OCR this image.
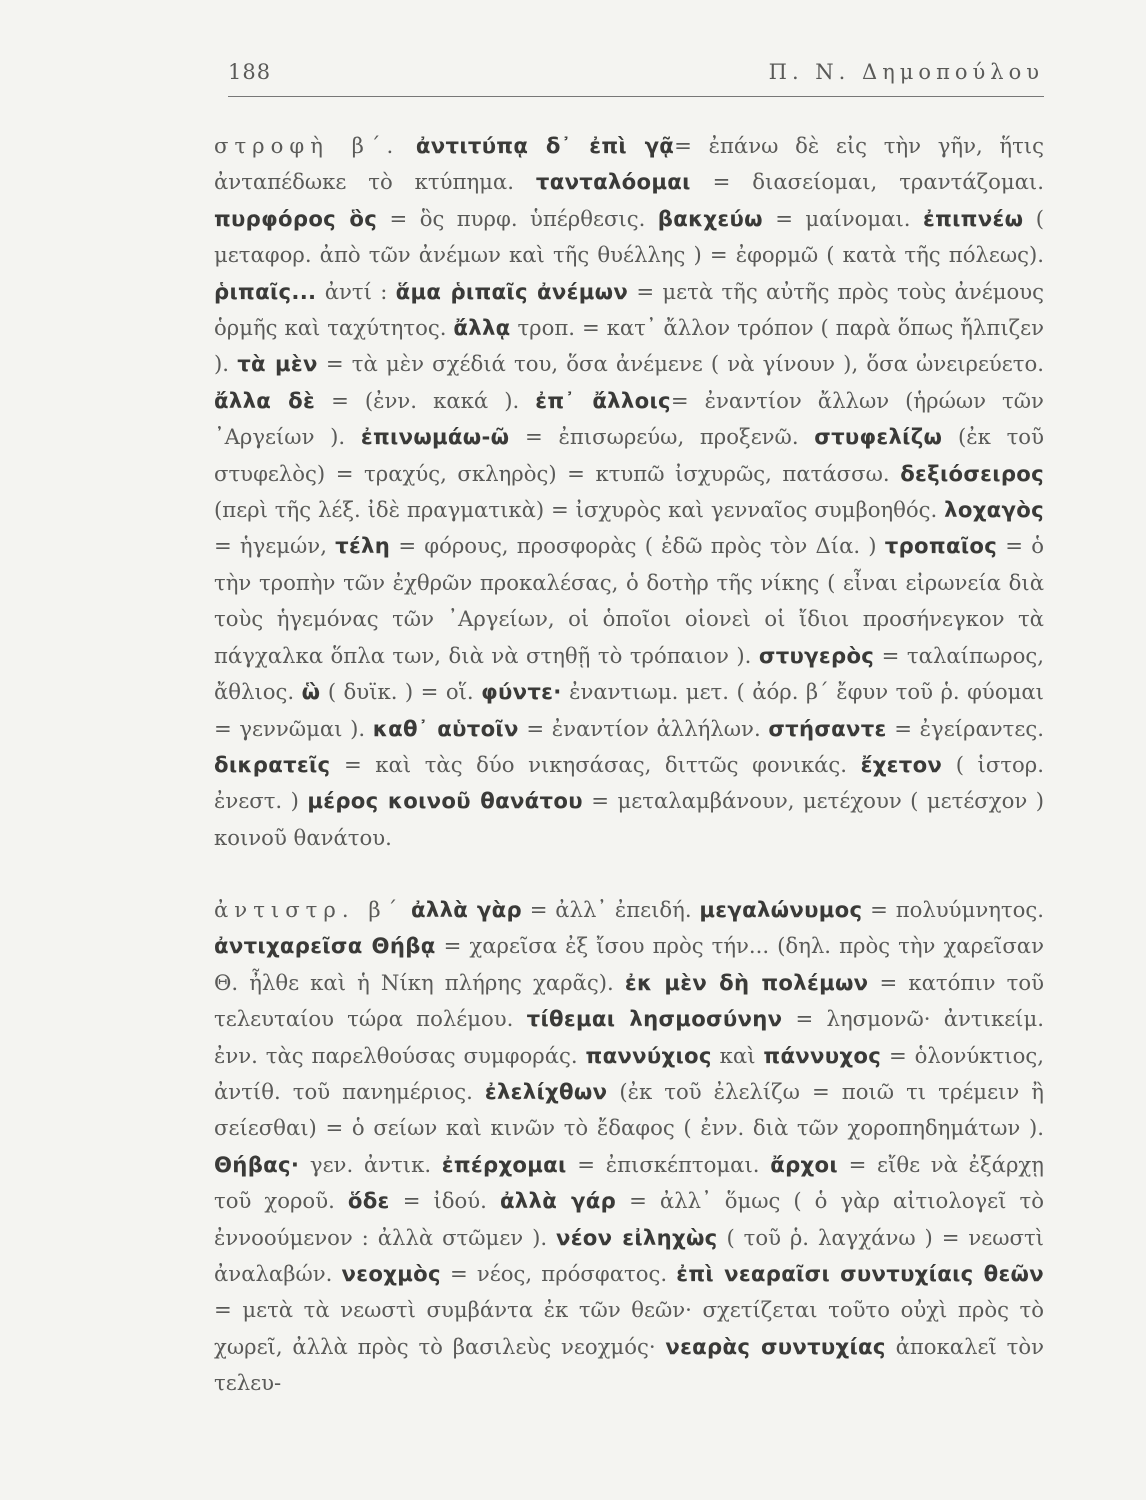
188	Π. Ν. Δημοπούλου

στροφὴ β΄. ἀντιτύπᾳ δ᾽ ἐπὶ γᾷ= ἐπάνω δὲ εἰς τὴν γῆν, ἥτις ἀνταπέδωκε τὸ κτύπημα. τανταλόομαι = διασείομαι, τραντάζομαι. πυρφόρος ὃς = ὃς πυρφ. ὑπέρθεσις. βακχεύω = μαίνομαι. ἐπιπνέω ( μεταφορ. ἀπὸ τῶν ἀνέμων καὶ τῆς θυέλλης ) = ἐφορμῶ ( κατὰ τῆς πόλεως). ῥιπαῖς... ἀντί : ἅμα ῥιπαῖς ἀνέμων = μετὰ τῆς αὐτῆς πρὸς τοὺς ἀνέμους ὁρμῆς καὶ ταχύτητος. ἄλλᾳ τροπ. = κατ᾽ ἄλλον τρόπον ( παρὰ ὅπως ἤλπιζεν ). τὰ μὲν = τὰ μὲν σχέδιά του, ὅσα ἀνέμενε ( νὰ γίνουν ), ὅσα ὠνειρεύετο. ἄλλα δὲ = (ἐνν. κακά ). ἐπ᾽ ἄλλοις= ἐναντίον ἄλλων (ἡρώων τῶν ᾽Αργείων ). ἐπινωμάω-ῶ = ἐπισωρεύω, προξενῶ. στυφελίζω (ἐκ τοῦ στυφελὸς) = τραχύς, σκληρὸς) = κτυπῶ ἰσχυρῶς, πατάσσω. δεξιόσειρος (περὶ τῆς λέξ. ἰδὲ πραγματικὰ) = ἰσχυρὸς καὶ γενναῖος συμβοηθός. λοχαγὸς = ἡγεμών, τέλη = φόρους, προσφορὰς ( ἐδῶ πρὸς τὸν Δία. ) τροπαῖος = ὁ τὴν τροπὴν τῶν ἐχθρῶν προκαλέσας, ὁ δοτὴρ τῆς νίκης ( εἶναι εἰρωνεία διὰ τοὺς ἡγεμόνας τῶν ᾽Αργείων, οἱ ὁποῖοι οἱονεὶ οἱ ἴδιοι προσήνεγκον τὰ πάγχαλκα ὅπλα των, διὰ νὰ στηθῇ τὸ τρόπαιον ). στυγερὸς = ταλαίπωρος, ἄθλιος. ὣ ( δυϊκ. ) = οἵ. φύντε· ἐναντιωμ. μετ. ( ἀόρ. β΄ ἔφυν τοῦ ῥ. φύομαι = γεννῶμαι ). καθ᾽ αὑτοῖν = ἐναντίον ἀλλήλων. στήσαντε = ἐγείραντες. δικρατεῖς = καὶ τὰς δύο νικησάσας, διττῶς φονικάς. ἔχετον ( ἱστορ. ἐνεστ. ) μέρος κοινοῦ θανάτου = μεταλαμβάνουν, μετέχουν ( μετέσχον ) κοινοῦ θανάτου.

ἀντιστρ. β΄ ἀλλὰ γὰρ = ἀλλ᾽ ἐπειδή. μεγαλώνυμος = πολυύμνητος. ἀντιχαρεῖσα Θήβᾳ = χαρεῖσα ἐξ ἴσου πρὸς τήν... (δηλ. πρὸς τὴν χαρεῖσαν Θ. ἦλθε καὶ ἡ Νίκη πλήρης χαρᾶς). ἐκ μὲν δὴ πολέμων = κατόπιν τοῦ τελευταίου τώρα πολέμου. τίθεμαι λησμοσύνην = λησμονῶ· ἀντικείμ. ἐνν. τὰς παρελθούσας συμφοράς. παννύχιος καὶ πάννυχος = ὁλονύκτιος, ἀντίθ. τοῦ πανημέριος. ἐλελίχθων (ἐκ τοῦ ἐλελίζω = ποιῶ τι τρέμειν ἢ σείεσθαι) = ὁ σείων καὶ κινῶν τὸ ἔδαφος ( ἐνν. διὰ τῶν χοροπηδημάτων ). Θήβας· γεν. ἀντικ. ἐπέρχομαι = ἐπισκέπτομαι. ἄρχοι = εἴθε νὰ ἐξάρχῃ τοῦ χοροῦ. ὅδε = ἰδού. ἀλλὰ γάρ = ἀλλ᾽ ὅμως ( ὁ γὰρ αἰτιολογεῖ τὸ ἐννοούμενον : ἀλλὰ στῶμεν ). νέον εἰληχὼς ( τοῦ ῥ. λαγχάνω ) = νεωστὶ ἀναλαβών. νεοχμὸς = νέος, πρόσφατος. ἐπὶ νεαραῖσι συντυχίαις θεῶν = μετὰ τὰ νεωστὶ συμβάντα ἐκ τῶν θεῶν· σχετίζεται τοῦτο οὐχὶ πρὸς τὸ χωρεῖ, ἀλλὰ πρὸς τὸ βασιλεὺς νεοχμός· νεαρὰς συντυχίας ἀποκαλεῖ τὸν τελευ-
